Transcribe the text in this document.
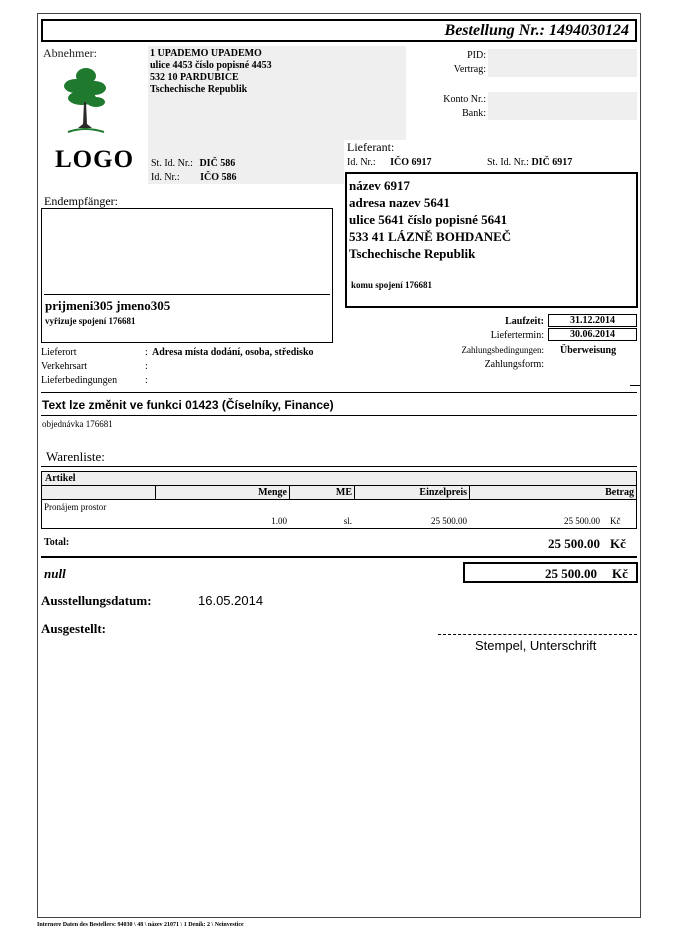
Bestellung Nr.: 1494030124
Abnehmer:	1 UPADEMO UPADEMO
ulice 4453 číslo popisné 4453
532 10 PARDUBICE
Tschechische Republik
LOGO St. Id. Nr.: DIČ 586
Id. Nr.: IČO 586
PID:
Vertrag:
Konto Nr.:
Bank:
Lieferant:
Id. Nr.: IČO 6917	St. Id. Nr.: DIČ 6917
název 6917
adresa nazev 5641
ulice 5641 číslo popisné 5641
533 41 LÁZNĚ BOHDANEČ
Tschechische Republik
komu spojení 176681
Endempfänger:
prijmeni305 jmeno305
vyřizuje spojení 176681	Laufzeit:	31.12.2014
Liefertermin:	30.06.2014
Lieferort	: Adresa místa dodání, osoba, středisko
Verkehrsart	:
Lieferbedingungen	:
Zahlungsbedingungen: Überweisung
Zahlungsform:
Text lze změnit ve funkci 01423 (Číselníky, Finance)
objednávka 176681
Warenliste:
Artikel
Menge	ME	Einzelpreis	Betrag
Pronájem prostor
1.00	sl.	25 500.00	25 500.00 Kč
Total:	25 500.00 Kč
null	25 500.00 Kč
Ausstellungsdatum:	16.05.2014
Ausgestellt:
Stempel, Unterschrift
Internere Daten des Bestellers: 94030 \ 48 \ název 21071 \ 1 Deník: 2 \ Neinvestice
